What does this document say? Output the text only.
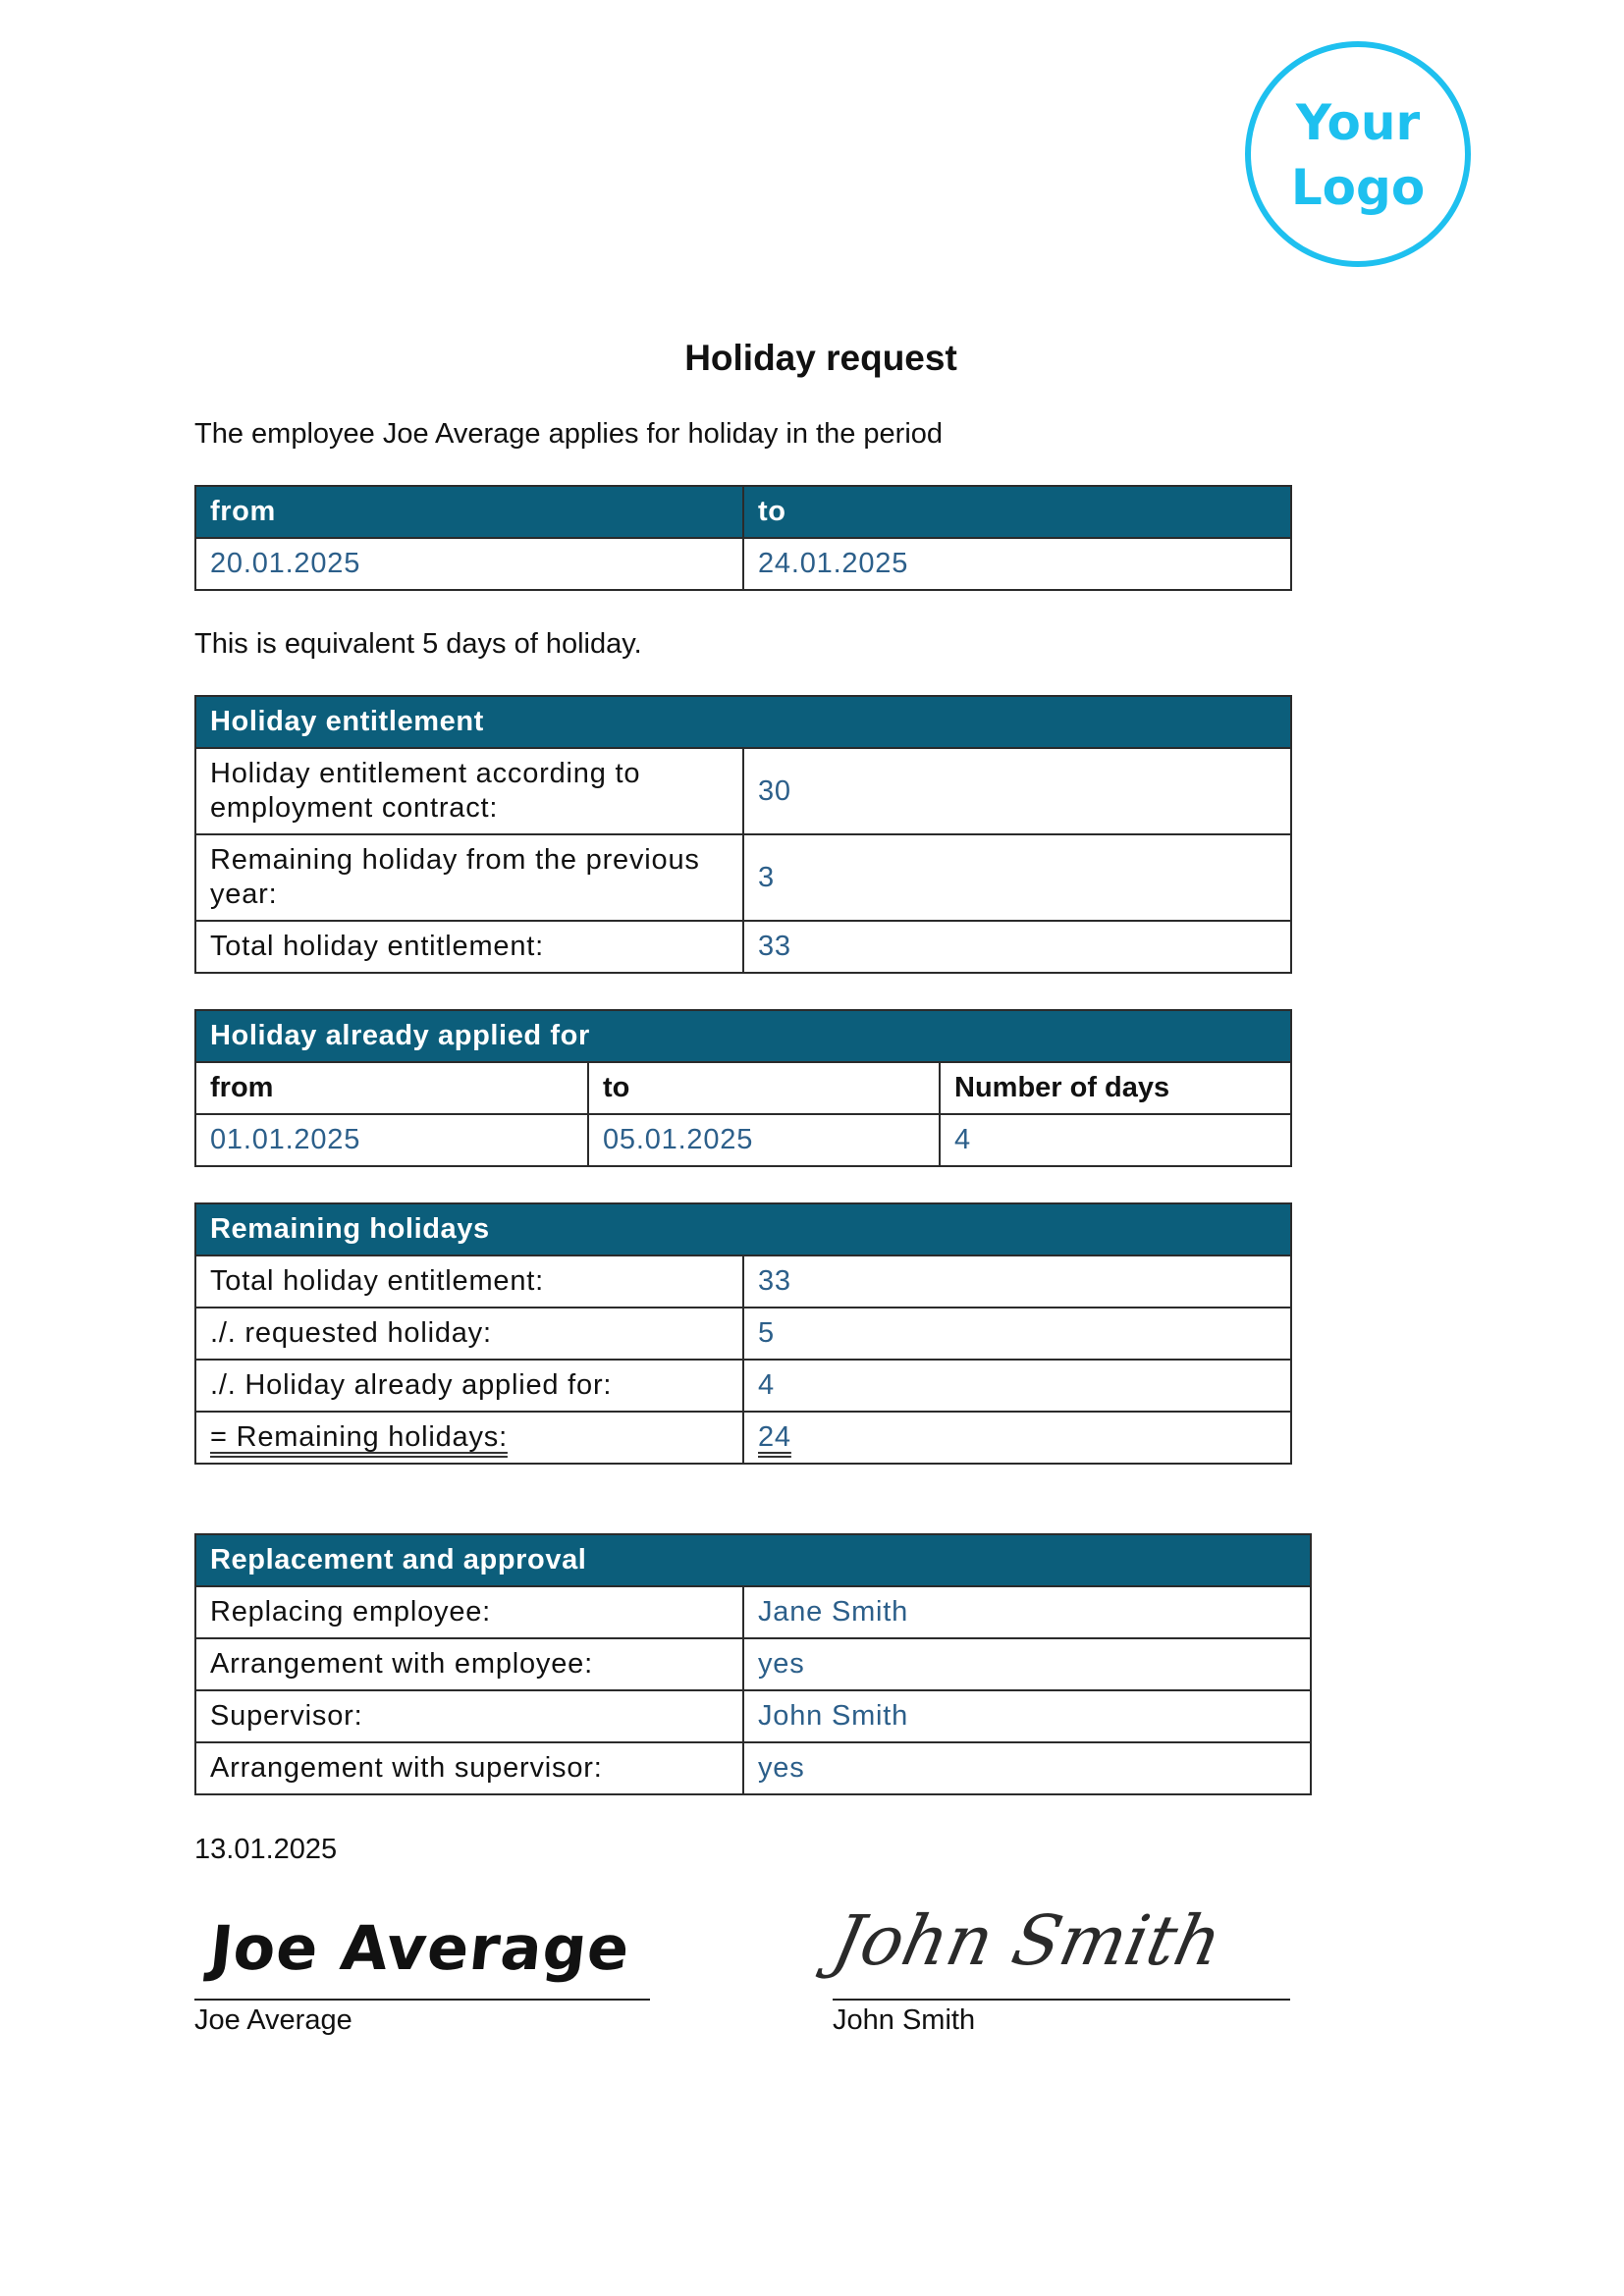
Your
Logo
Holiday request
The employee Joe Average applies for holiday in the period
from	to
20.01.2025	24.01.2025
This is equivalent 5 days of holiday.
Holiday entitlement	
Holiday entitlement according to employment contract:	30
Remaining holiday from the previous year:	3
Total holiday entitlement:	33
Holiday already applied for		
from	to	Number of days
01.01.2025	05.01.2025	4
Remaining holidays	
Total holiday entitlement:	33
./. requested holiday:	5
./. Holiday already applied for:	4
= Remaining holidays:	24
Replacement and approval	
Replacing employee:	Jane Smith
Arrangement with employee:	yes
Supervisor:	John Smith
Arrangement with supervisor:	yes
13.01.2025
Joe Average
Joe Average
John Smith
John Smith
